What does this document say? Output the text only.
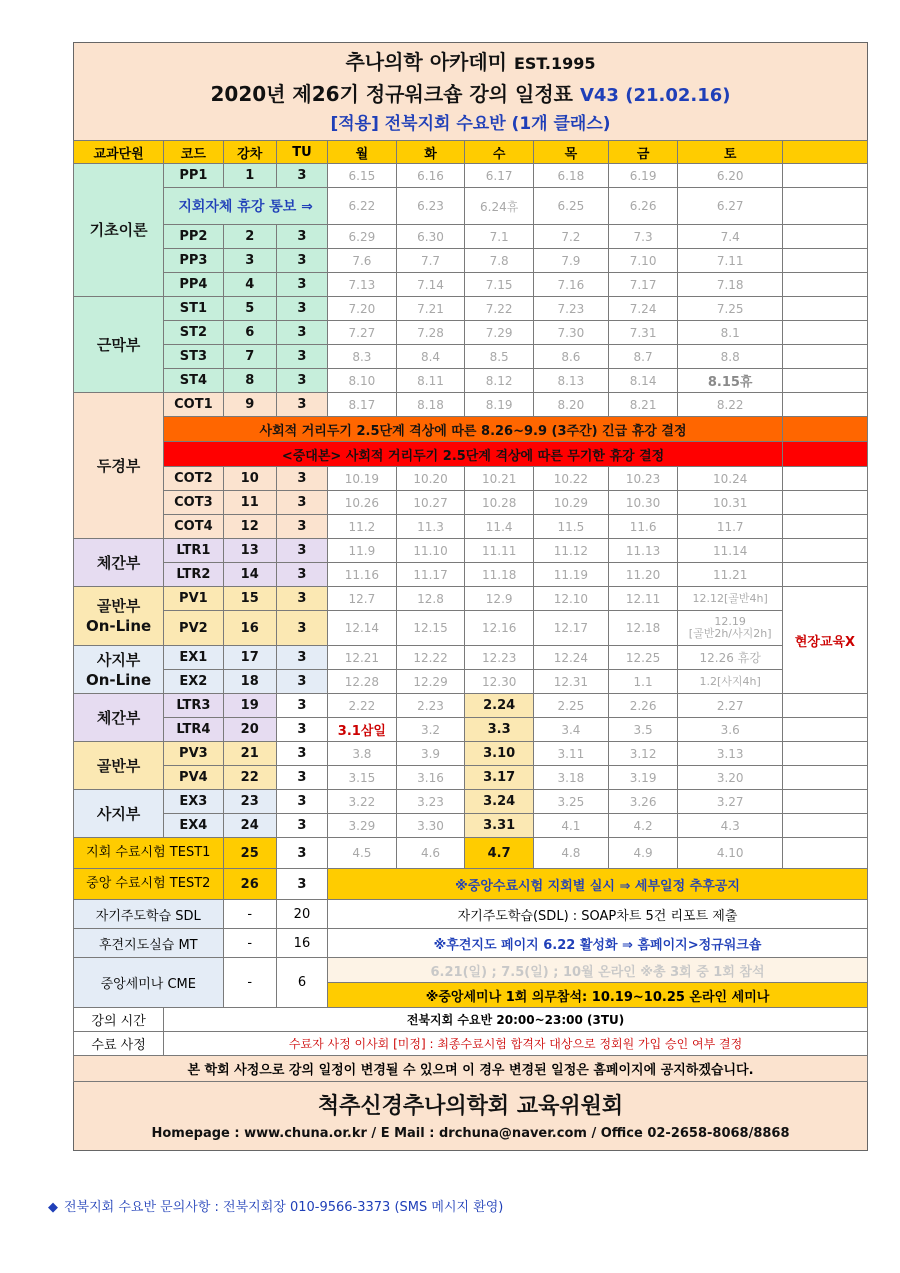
추나의학 아카데미 EST.1995
2020년 제26기 정규워크숍 강의 일정표 V43 (21.02.16)
[적용] 전북지회 수요반 (1개 클래스)
교과단원	코드	강차	TU	월	화	수	목	금	토	
기초이론	PP1	1	3	6.15	6.16	6.17	6.18	6.19	6.20	
	지회자체 휴강 통보 ⇒			6.22	6.23	6.24휴	6.25	6.26	6.27	
	PP2	2	3	6.29	6.30	7.1	7.2	7.3	7.4	
	PP3	3	3	7.6	7.7	7.8	7.9	7.10	7.11	
	PP4	4	3	7.13	7.14	7.15	7.16	7.17	7.18	
근막부	ST1	5	3	7.20	7.21	7.22	7.23	7.24	7.25	
	ST2	6	3	7.27	7.28	7.29	7.30	7.31	8.1	
	ST3	7	3	8.3	8.4	8.5	8.6	8.7	8.8	
	ST4	8	3	8.10	8.11	8.12	8.13	8.14	8.15휴	
두경부	COT1	9	3	8.17	8.18	8.19	8.20	8.21	8.22	
	사회적 거리두기 2.5단계 격상에 따른 8.26~9.9 (3주간) 긴급 휴강 결정									
	<중대본> 사회적 거리두기 2.5단계 격상에 따른 무기한 휴강 결정									
	COT2	10	3	10.19	10.20	10.21	10.22	10.23	10.24	
	COT3	11	3	10.26	10.27	10.28	10.29	10.30	10.31	
	COT4	12	3	11.2	11.3	11.4	11.5	11.6	11.7	
체간부	LTR1	13	3	11.9	11.10	11.11	11.12	11.13	11.14	
	LTR2	14	3	11.16	11.17	11.18	11.19	11.20	11.21	
골반부
On-Line	PV1	15	3	12.7	12.8	12.9	12.10	12.11	12.12[골반4h]	현장교육X
	PV2	16	3	12.14	12.15	12.16	12.17	12.18	12.19
[골반2h/사지2h]	
사지부
On-Line	EX1	17	3	12.21	12.22	12.23	12.24	12.25	12.26 휴강	
	EX2	18	3	12.28	12.29	12.30	12.31	1.1	1.2[사지4h]	
체간부	LTR3	19	3	2.22	2.23	2.24	2.25	2.26	2.27	
	LTR4	20	3	3.1삼일	3.2	3.3	3.4	3.5	3.6	
골반부	PV3	21	3	3.8	3.9	3.10	3.11	3.12	3.13	
	PV4	22	3	3.15	3.16	3.17	3.18	3.19	3.20	
사지부	EX3	23	3	3.22	3.23	3.24	3.25	3.26	3.27	
	EX4	24	3	3.29	3.30	3.31	4.1	4.2	4.3	
지회 수료시험 TEST1		25	3	4.5	4.6	4.7	4.8	4.9	4.10	
중앙 수료시험 TEST2		26	3	※중앙수료시험 지회별 실시 ⇒ 세부일정 추후공지						
자기주도학습 SDL		-	20	자기주도학습(SDL) : SOAP차트 5건 리포트 제출						
후견지도실습 MT		-	16	※후견지도 페이지 6.22 활성화 ⇒ 홈페이지>정규워크숍						
중앙세미나 CME		-	6	6.21(일) ; 7.5(일) ; 10월 온라인 ※총 3회 중 1회 참석						
				※중앙세미나 1회 의무참석: 10.19~10.25 온라인 세미나						
강의 시간	전북지회 수요반 20:00~23:00 (3TU)									
수료 사정	수료자 사정 이사회 [미정] : 최종수료시험 합격자 대상으로 정회원 가입 승인 여부 결정									
본 학회 사정으로 강의 일정이 변경될 수 있으며 이 경우 변경된 일정은 홈페이지에 공지하겠습니다.										
척추신경추나의학회 교육위원회
Homepage : www.chuna.or.kr / E Mail : drchuna@naver.com / Office 02-2658-8068/8868
◆ 전북지회 수요반 문의사항 : 전북지회장 010-9566-3373 (SMS 메시지 환영)
